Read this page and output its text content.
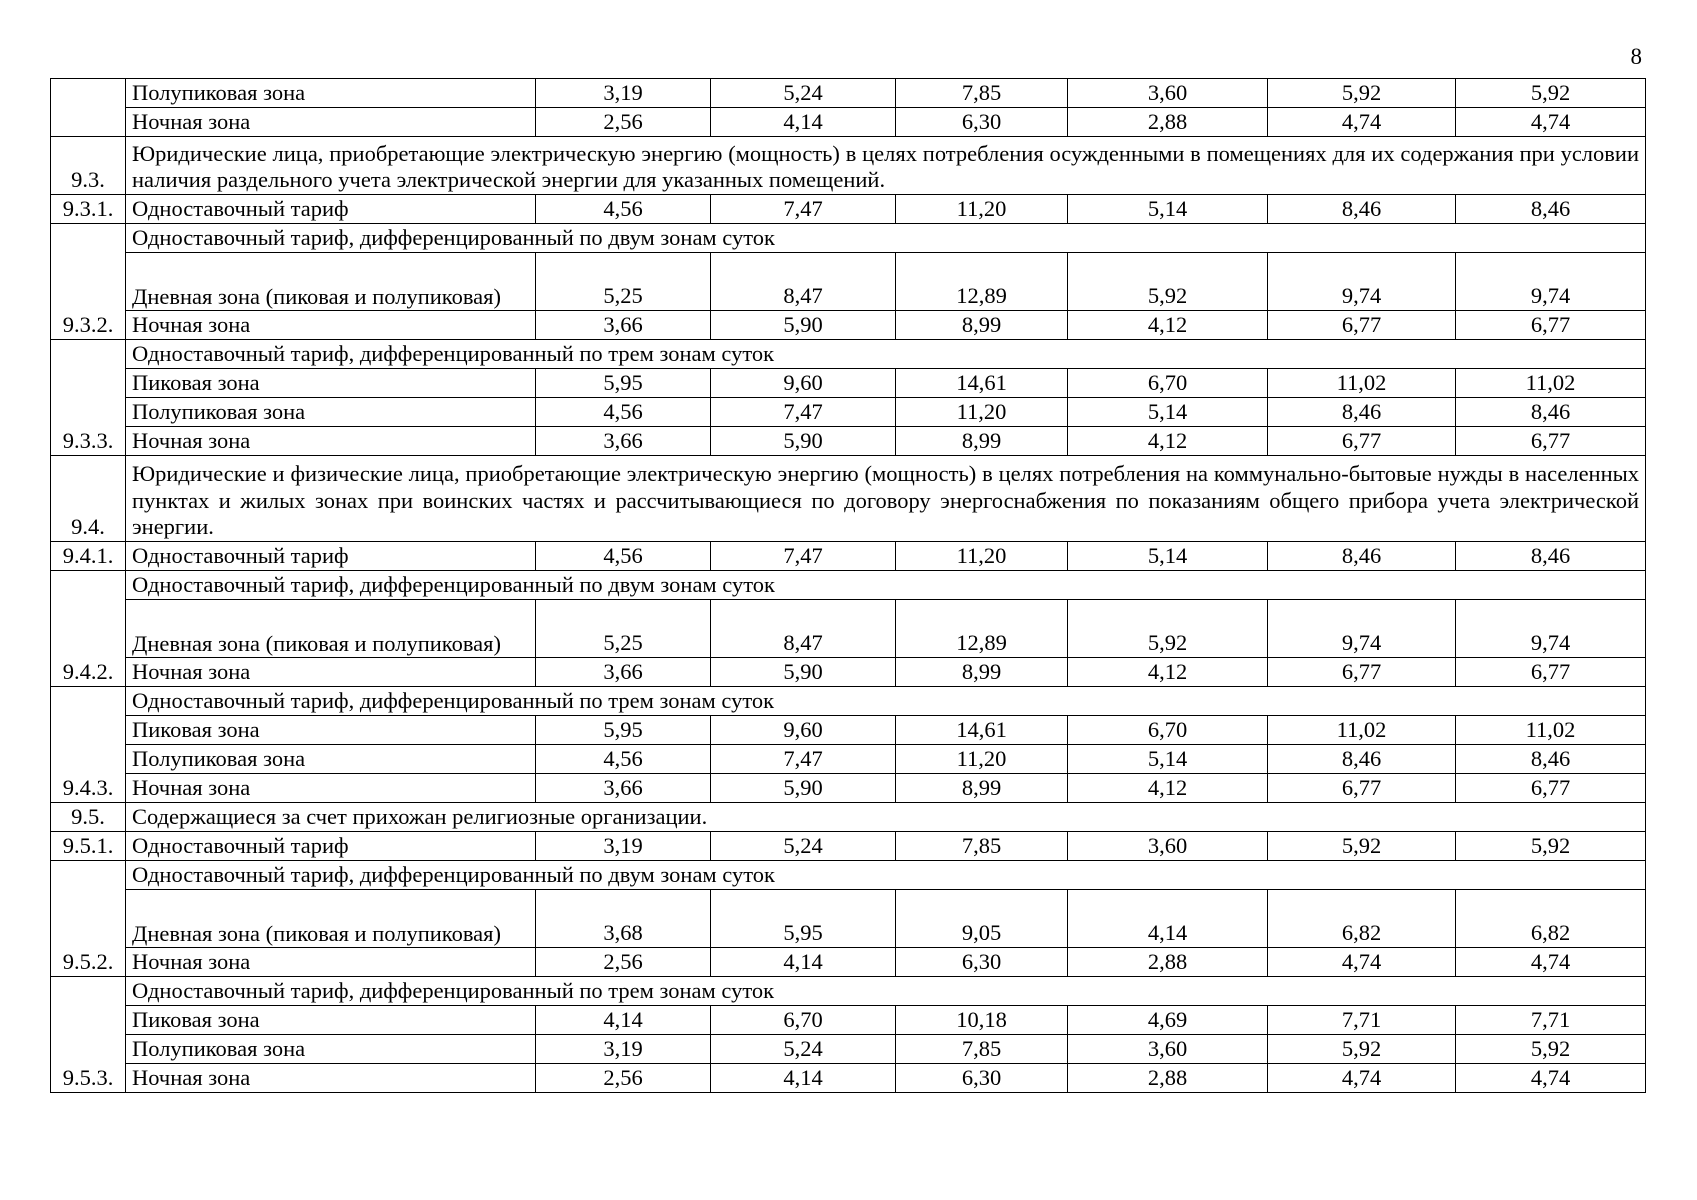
8
	Полупиковая зона	3,19	5,24	7,85	3,60	5,92	5,92
	Ночная зона	2,56	4,14	6,30	2,88	4,74	4,74
9.3.	Юридические лица, приобретающие электрическую энергию (мощность) в целях потребления осужденными в помещениях для их содержания при условии наличия раздельного учета электрической энергии для указанных помещений.						
9.3.1.	Одноставочный тариф	4,56	7,47	11,20	5,14	8,46	8,46
9.3.2.	Одноставочный тариф, дифференцированный по двум зонам суток						
	Дневная зона (пиковая и полупиковая)	5,25	8,47	12,89	5,92	9,74	9,74
	Ночная зона	3,66	5,90	8,99	4,12	6,77	6,77
9.3.3.	Одноставочный тариф, дифференцированный по трем зонам суток						
	Пиковая зона	5,95	9,60	14,61	6,70	11,02	11,02
	Полупиковая зона	4,56	7,47	11,20	5,14	8,46	8,46
	Ночная зона	3,66	5,90	8,99	4,12	6,77	6,77
9.4.	Юридические и физические лица, приобретающие электрическую энергию (мощность) в целях потребления на коммунально-бытовые нужды в населенных пунктах и жилых зонах при воинских частях и рассчитывающиеся по договору энергоснабжения по показаниям общего прибора учета электрической энергии.						
9.4.1.	Одноставочный тариф	4,56	7,47	11,20	5,14	8,46	8,46
9.4.2.	Одноставочный тариф, дифференцированный по двум зонам суток						
	Дневная зона (пиковая и полупиковая)	5,25	8,47	12,89	5,92	9,74	9,74
	Ночная зона	3,66	5,90	8,99	4,12	6,77	6,77
9.4.3.	Одноставочный тариф, дифференцированный по трем зонам суток						
	Пиковая зона	5,95	9,60	14,61	6,70	11,02	11,02
	Полупиковая зона	4,56	7,47	11,20	5,14	8,46	8,46
	Ночная зона	3,66	5,90	8,99	4,12	6,77	6,77
9.5.	Содержащиеся за счет прихожан религиозные организации.						
9.5.1.	Одноставочный тариф	3,19	5,24	7,85	3,60	5,92	5,92
9.5.2.	Одноставочный тариф, дифференцированный по двум зонам суток						
	Дневная зона (пиковая и полупиковая)	3,68	5,95	9,05	4,14	6,82	6,82
	Ночная зона	2,56	4,14	6,30	2,88	4,74	4,74
9.5.3.	Одноставочный тариф, дифференцированный по трем зонам суток						
	Пиковая зона	4,14	6,70	10,18	4,69	7,71	7,71
	Полупиковая зона	3,19	5,24	7,85	3,60	5,92	5,92
	Ночная зона	2,56	4,14	6,30	2,88	4,74	4,74
